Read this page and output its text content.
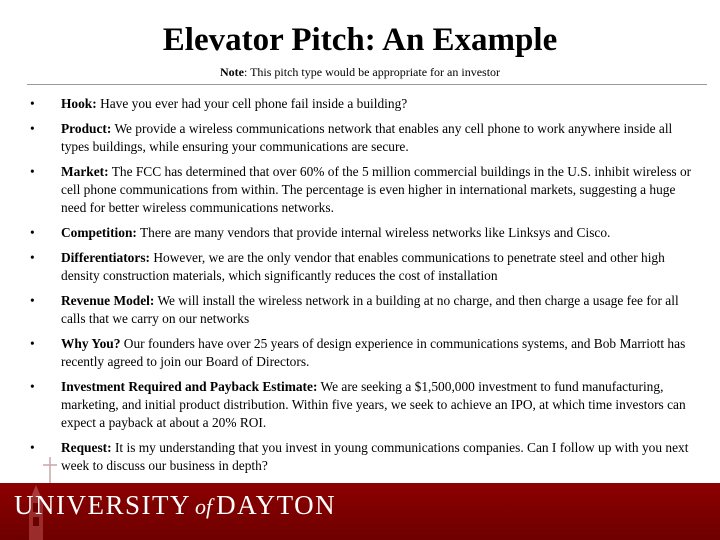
Elevator Pitch: An Example
Note: This pitch type would be appropriate for an investor
•	Hook: Have you ever had your cell phone fail inside a building?
•	Product: We provide a wireless communications network that enables any cell phone to work anywhere inside all types buildings, while ensuring your communications are secure.
•	Market: The FCC has determined that over 60% of the 5 million commercial buildings in the U.S. inhibit wireless or cell phone communications from within. The percentage is even higher in international markets, suggesting a huge need for better wireless communications networks.
•	Competition: There are many vendors that provide internal wireless networks like Linksys and Cisco.
•	Differentiators: However, we are the only vendor that enables communications to penetrate steel and other high density construction materials, which significantly reduces the cost of installation
•	Revenue Model: We will install the wireless network in a building at no charge, and then charge a usage fee for all calls that we carry on our networks
•	Why You? Our founders have over 25 years of design experience in communications systems, and Bob Marriott has recently agreed to join our Board of Directors.
•	Investment Required and Payback Estimate: We are seeking a $1,500,000 investment to fund manufacturing, marketing, and initial product distribution. Within five years, we seek to achieve an IPO, at which time investors can expect a payback at about a 20% ROI.
•	Request: It is my understanding that you invest in young communications companies. Can I follow up with you next week to discuss our business in depth?
UNIVERSITY of DAYTON
